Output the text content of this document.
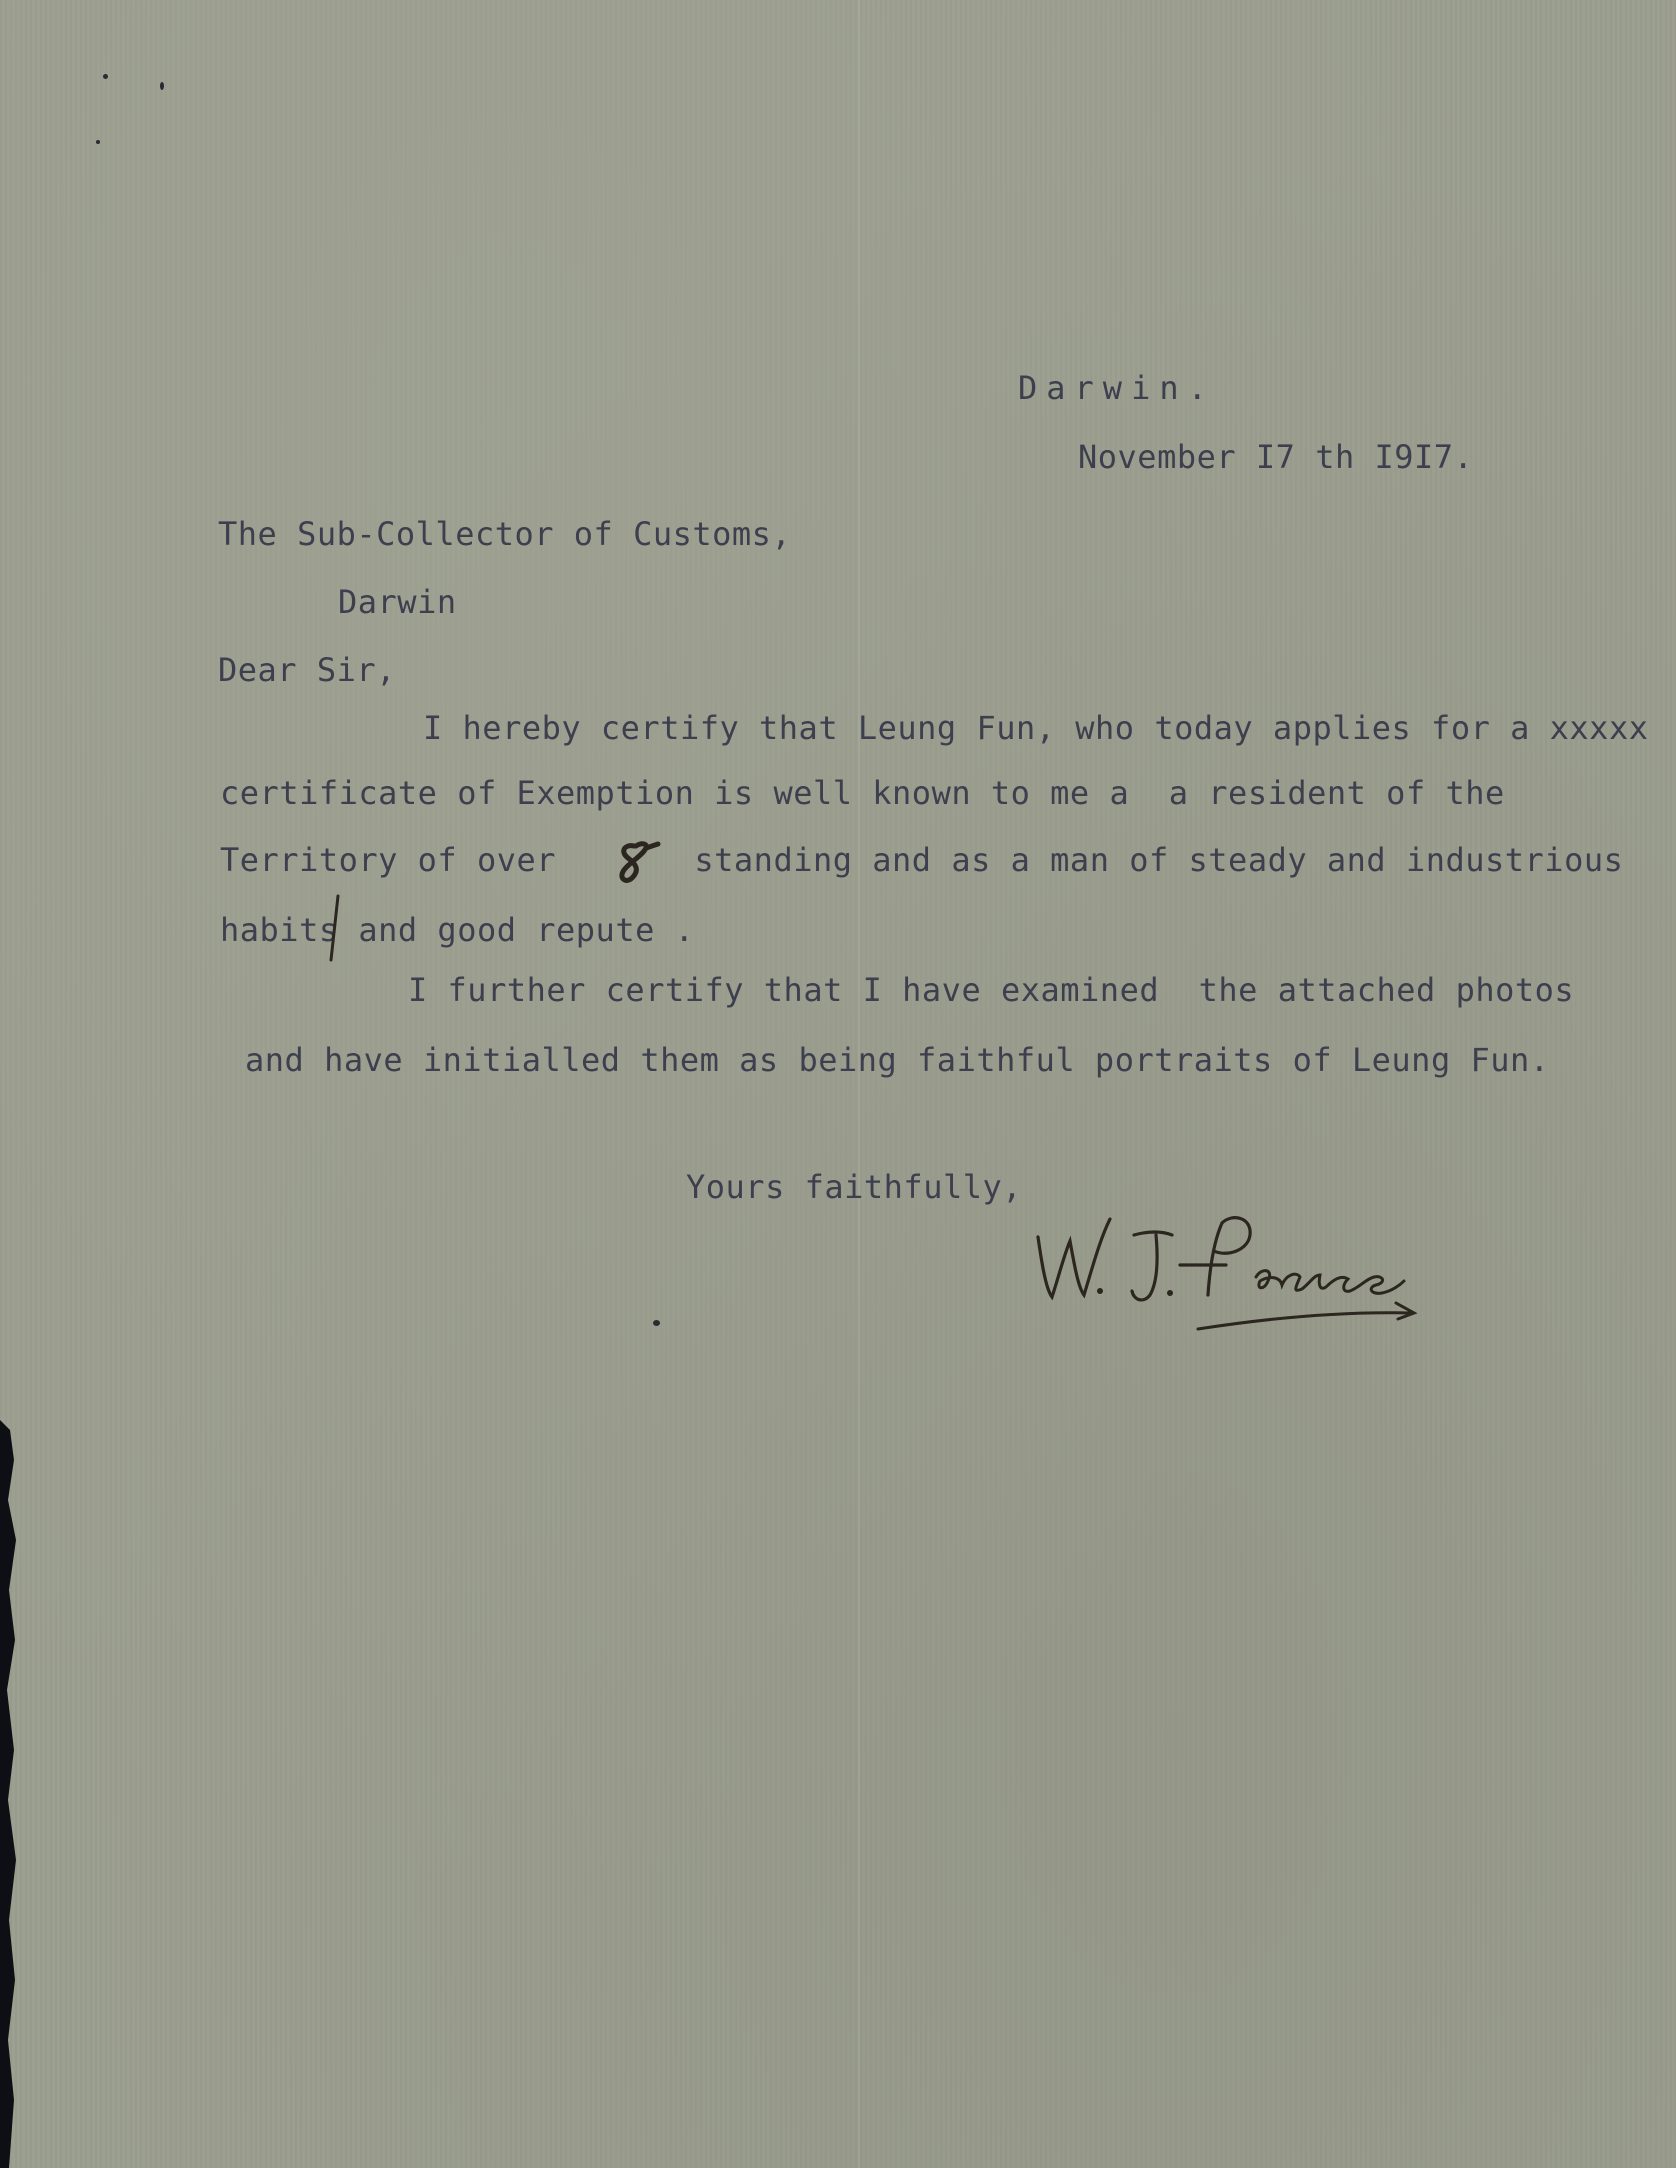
Darwin.

November I7 th I9I7.

The Sub-Collector of Customs,

Darwin

Dear Sir,

I hereby certify that Leung Fun, who today applies for a xxxxx

certificate of Exemption is well known to me a  a resident of the

Territory of over       standing and as a man of steady and industrious

habits and good repute .

I further certify that I have examined  the attached photos

and have initialled them as being faithful portraits of Leung Fun.

Yours faithfully,
